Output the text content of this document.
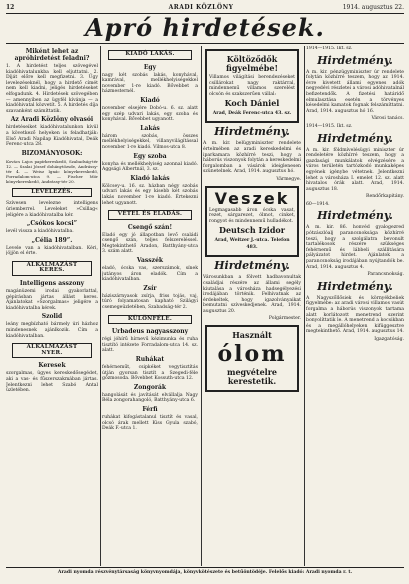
12	ARADI KÖZLÖNY	1914. augusztus 22.
Apró hirdetések.
Miként lehet az apróhirdetést feladni?
1. A hirdetést teljes szövegével kiadóhivatalunkba kell eljuttatni. 2. Díját előre kell megfizetni. 3. Ügy levelezéseknél, hogy a hirdető címét nem kell kiadni, jeligés hirdetéseket elfogadunk. 4. Hirdetések szövegében — amennyiben az ügyfél kívánja — a kiadóhivatal közvetít. 5. A hirdetés díja szavanként számíttatik.
Az Aradi Közlöny olvasói
hirdetéseiket kiadóhivatalunkon kívül a következő helyeken is feladhatják: Első Aradi Napilap Kiadóhivatal, Deák Ferenc-utca 28.
BIZOMÁNYOSOK:
Kovács Lajos papírkereskedő, Szabadság-tér 12. — Szalai József dohánytőzsde, Andrássy-tér 4. — Weisz Ignác könyvkereskedő, Forradalom-utca 9. — Fischer Mór könyvkereskedő, Andrássy-tér 20.
LEVELEZÉS.
Szívesen levelezne intelligens úriemberrel. Leveleket »Csillag« jeligére a kiadóhivatalba kér.
„Csókos kocsi”
levél vissza a kiadóhivatalba.
„Célia 189”.
Levele van a kiadóhivatalban. Kéri, jöjjön el érte.
ALKALMAZÁST KERES.
Intelligens asszony
magánüzemi irodai gyakorlattal, gépírásban jártas állást keres. Ajánlatokat »Szorgalmas« jeligére a kiadóhivatalba kérek.
Szolid
leány megbízható bármely úri házhoz mindenesnek ajánlkozik. Cím a kiadóhivatalban.
ALKALMAZÁST NYER.
Keresek
szorgalmas, ügyes kereskedősegédet, aki a vas- és fűszerszakmában jártas. Jelentkezni lehet Szabó Antal üzletében.
KIADÓ LAKÁS.
Egy
nagy két szobás lakás, konyhával, kamrával, mellékhelyiségekkel november 1-re kiadó. Bővebbet a házmesternél.
Kiadó
november elsejére Dobó-u. 6. sz. alatt egy szép udvari lakás, egy szoba és konyhával. Bővebbet ugyanott.
Lakás
három szobás, összes mellékhelyiségekkel, villanyvilágítással november 1-re kiadó. Vilmos-utca 8.
Egy szoba
konyha és mellékhelyiség azonnal kiadó. Aggsági Albertnál, 3. sz.
Kiadó lakás
Kölcsey-u. 16. sz. házban négy szobás udvari lakás és egy kisebb két szobás lakás november 1-re kiadó. Értekezni lehet ugyanott.
VÉTEL ÉS ELADÁS.
Csengő szán!
Eladó egy jó állapotban levő családi csengő szán, teljes felszereléssel. Megtekinthető Aradon, Batthyány-utca 3. szám alatt.
Vasszék
eladó, ócska vas, szerszámok, sínek jutányos áron eladók. Cím a kiadóhivatalban.
Zsír
háziszárnyasok zsírja, friss tojás, vaj, túró folyamatosan kapható Szilágyi csemegeüzletében, Szabadság-tér 2.
KÜLÖNFÉLE.
Urbadeus nagyasszony
régi jóhírű hírnevű kézimunka és ruha tisztító intézete Forradalom-utca 14. sz. alatt.
Ruhákat
fehérneműt, csipkéket vegytisztítás útján gyorsan tisztít a Szegedi-féle gőzmosoda. Bővebbet Kossuth-utca 12.
Zongorák
hangolását és javítását elvállalja Nagy Béla zongorahangoló, Batthyány-utca 6.
Férfi
ruhákat kifogástalanul tisztít és vasal, olcsó árak mellett Kiss Gyula szabó, Deák F.-utca 1.
Költöződők figyelmébe!
Villamos világítási berendezéseket csillárokat nagy raktárral, mindennemű villamos szerelést olcsón és szakszerűen vállal:
Koch Dániel
Arad, Deák Ferenc-utca 43. sz.
Hirdetmény.
A m. kir. belügyminiszter rendelete értelmében az aradi kereskedelmi és iparkamara közhírré teszi, hogy a háborús viszonyok folytán a kereskedelmi forgalomban a vásárok ideiglenesen szünetelnek. Arad, 1914. augusztus hó.
Vármegye.
Veszek
Legmagasabb áron ócska vasat, rezet, sárgarezet, ólmot, cinket, rongyot és mindennemű hulladékot.
Deutsch Izidor
Arad, Weitzer J.-utca. Telefon 483.
Hirdetmény.
Városunkban a fölvett hadbavonultak családjai részére az állami segély kiutalása a városháza hadsegélyezési irodájában történik. Felhívatnak az érdekeltek, hogy igazolványaikat bemutatni szíveskedjenek. Arad, 1914. augusztus 20.
Polgármester.
Használt
ólom
megvételre kerestetik.
1914—1915. Ikt. sz.
Hirdetmény.
A m. kir. pénzügyminiszter úr rendelete folytán közhírré teszem, hogy az 1914. évre kivetett állami egyenes adók negyedévi részletei a városi adóhivatalnál befizetendők. A fizetési határidő elmulasztása esetén a törvényes késedelmi kamatok fognak felszámíttatni. Arad, 1914. augusztus hó 16.
Városi tanács.
1914—1915. Ikt. sz.
Hirdetmény.
A m. kir. földmívelésügyi miniszter úr rendeletére közhírré teszem, hogy a gazdasági munkálatok elvégzésére a város területén tartózkodó munkaképes egyének igénybe vétetnek. Jelentkezni lehet a városháza I. emelet 12. sz. alatt hivatalos órák alatt. Arad, 1914. augusztus 18.
Rendőrkapitány.
60—1914.
Hirdetmény.
A m. kir. 86. honvéd gyalogezred pótzászlóalj parancsnoksága közhírré teszi, hogy a szolgálatra bevonult tartalékosok részére szükséges fehérnemű és lábbeli szállítására pályázatot hirdet. Ajánlatok a parancsnokság irodájában nyújtandók be. Arad, 1914. augusztus 4.
Parancsnokság.
Hirdetmény.
A Nagyszőllősiek és környékbeliek figyelmébe: az aradi városi villamos vasút forgalma a háborús viszonyok tartama alatt korlátozott menetrend szerint bonyolíttatik le. A menetrend a kocsikban és a megállóhelyeken kifüggesztve megtekinthető. Arad, 1914. augusztus 14.
Igazgatóság.
Aradi nyomda részvénytársaság könyvnyomdája, könyvkötészete és betűöntödéje. Felelős kiadó: Aradi nyomda r. t.
